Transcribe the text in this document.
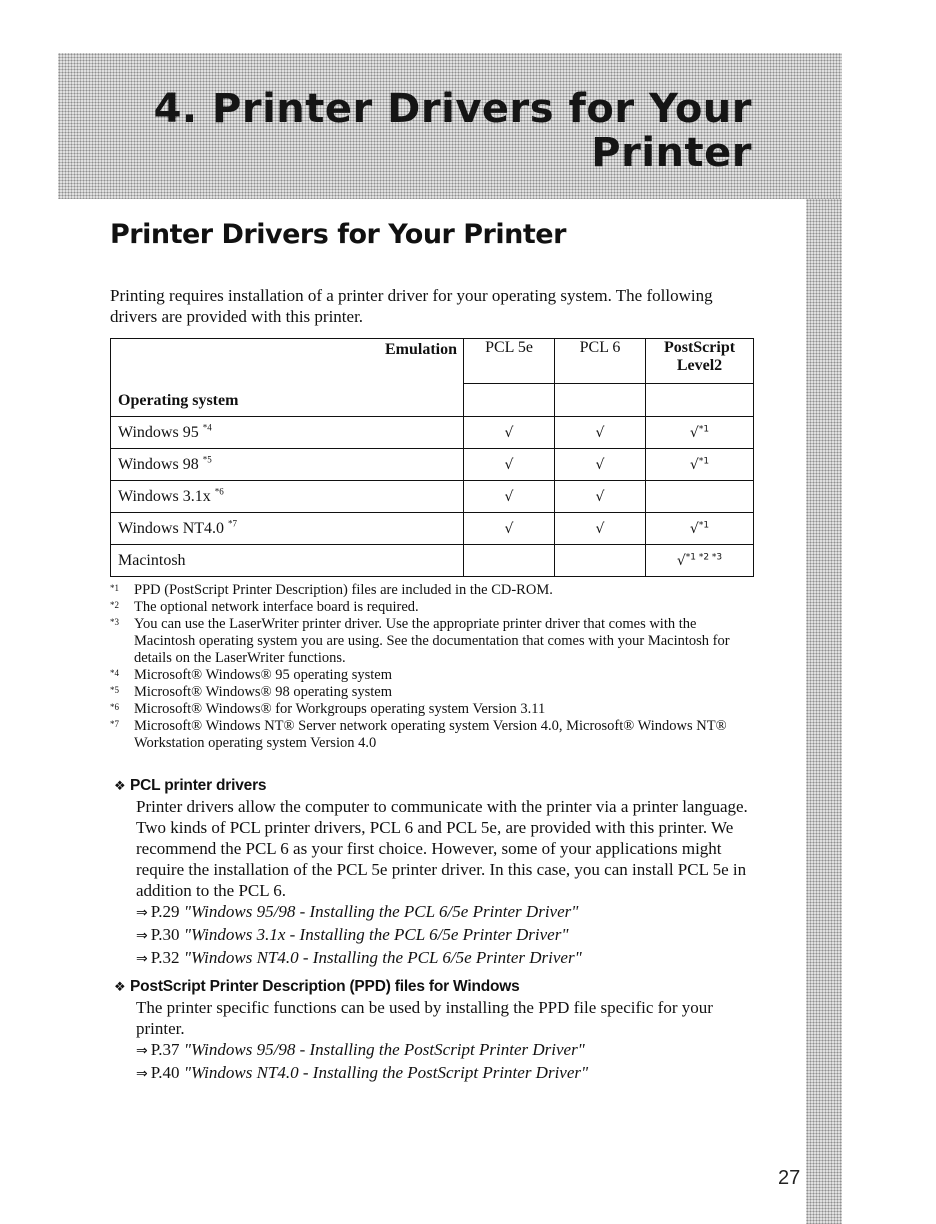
4. Printer Drivers for Your
Printer
Printer Drivers for Your Printer

Printing requires installation of a printer driver for your operating system. The following drivers are provided with this printer.

Emulation
Operating system	PCL 5e	PCL 6	PostScript Level2

Windows 95 $^{*4}$	√	√	√$^{*1}$
Windows 98 $^{*5}$	√	√	√$^{*1}$
Windows 3.1x $^{*6}$	√	√	
Windows NT4.0 $^{*7}$	√	√	√$^{*1}$
Macintosh			√$^{*1 *2 *3}$
*1 PPD (PostScript Printer Description) files are included in the CD-ROM.
*2 The optional network interface board is required.
*3 You can use the LaserWriter printer driver. Use the appropriate printer driver that comes with the Macintosh operating system you are using. See the documentation that comes with your Macintosh for details on the LaserWriter functions.
*4 Microsoft® Windows® 95 operating system
*5 Microsoft® Windows® 98 operating system
*6 Microsoft® Windows® for Workgroups operating system Version 3.11
*7 Microsoft® Windows NT® Server network operating system Version 4.0, Microsoft® Windows NT® Workstation operating system Version 4.0
❖ PCL printer drivers
Printer drivers allow the computer to communicate with the printer via a printer language. Two kinds of PCL printer drivers, PCL 6 and PCL 5e, are provided with this printer. We recommend the PCL 6 as your first choice. However, some of your applications might require the installation of the PCL 5e printer driver. In this case, you can install PCL 5e in addition to the PCL 6.
⇒ P.29 "Windows 95/98 - Installing the PCL 6/5e Printer Driver"
⇒ P.30 "Windows 3.1x - Installing the PCL 6/5e Printer Driver"
⇒ P.32 "Windows NT4.0 - Installing the PCL 6/5e Printer Driver"
❖ PostScript Printer Description (PPD) files for Windows
The printer specific functions can be used by installing the PPD file specific for your printer.
⇒ P.37 "Windows 95/98 - Installing the PostScript Printer Driver"
⇒ P.40 "Windows NT4.0 - Installing the PostScript Printer Driver"
27
